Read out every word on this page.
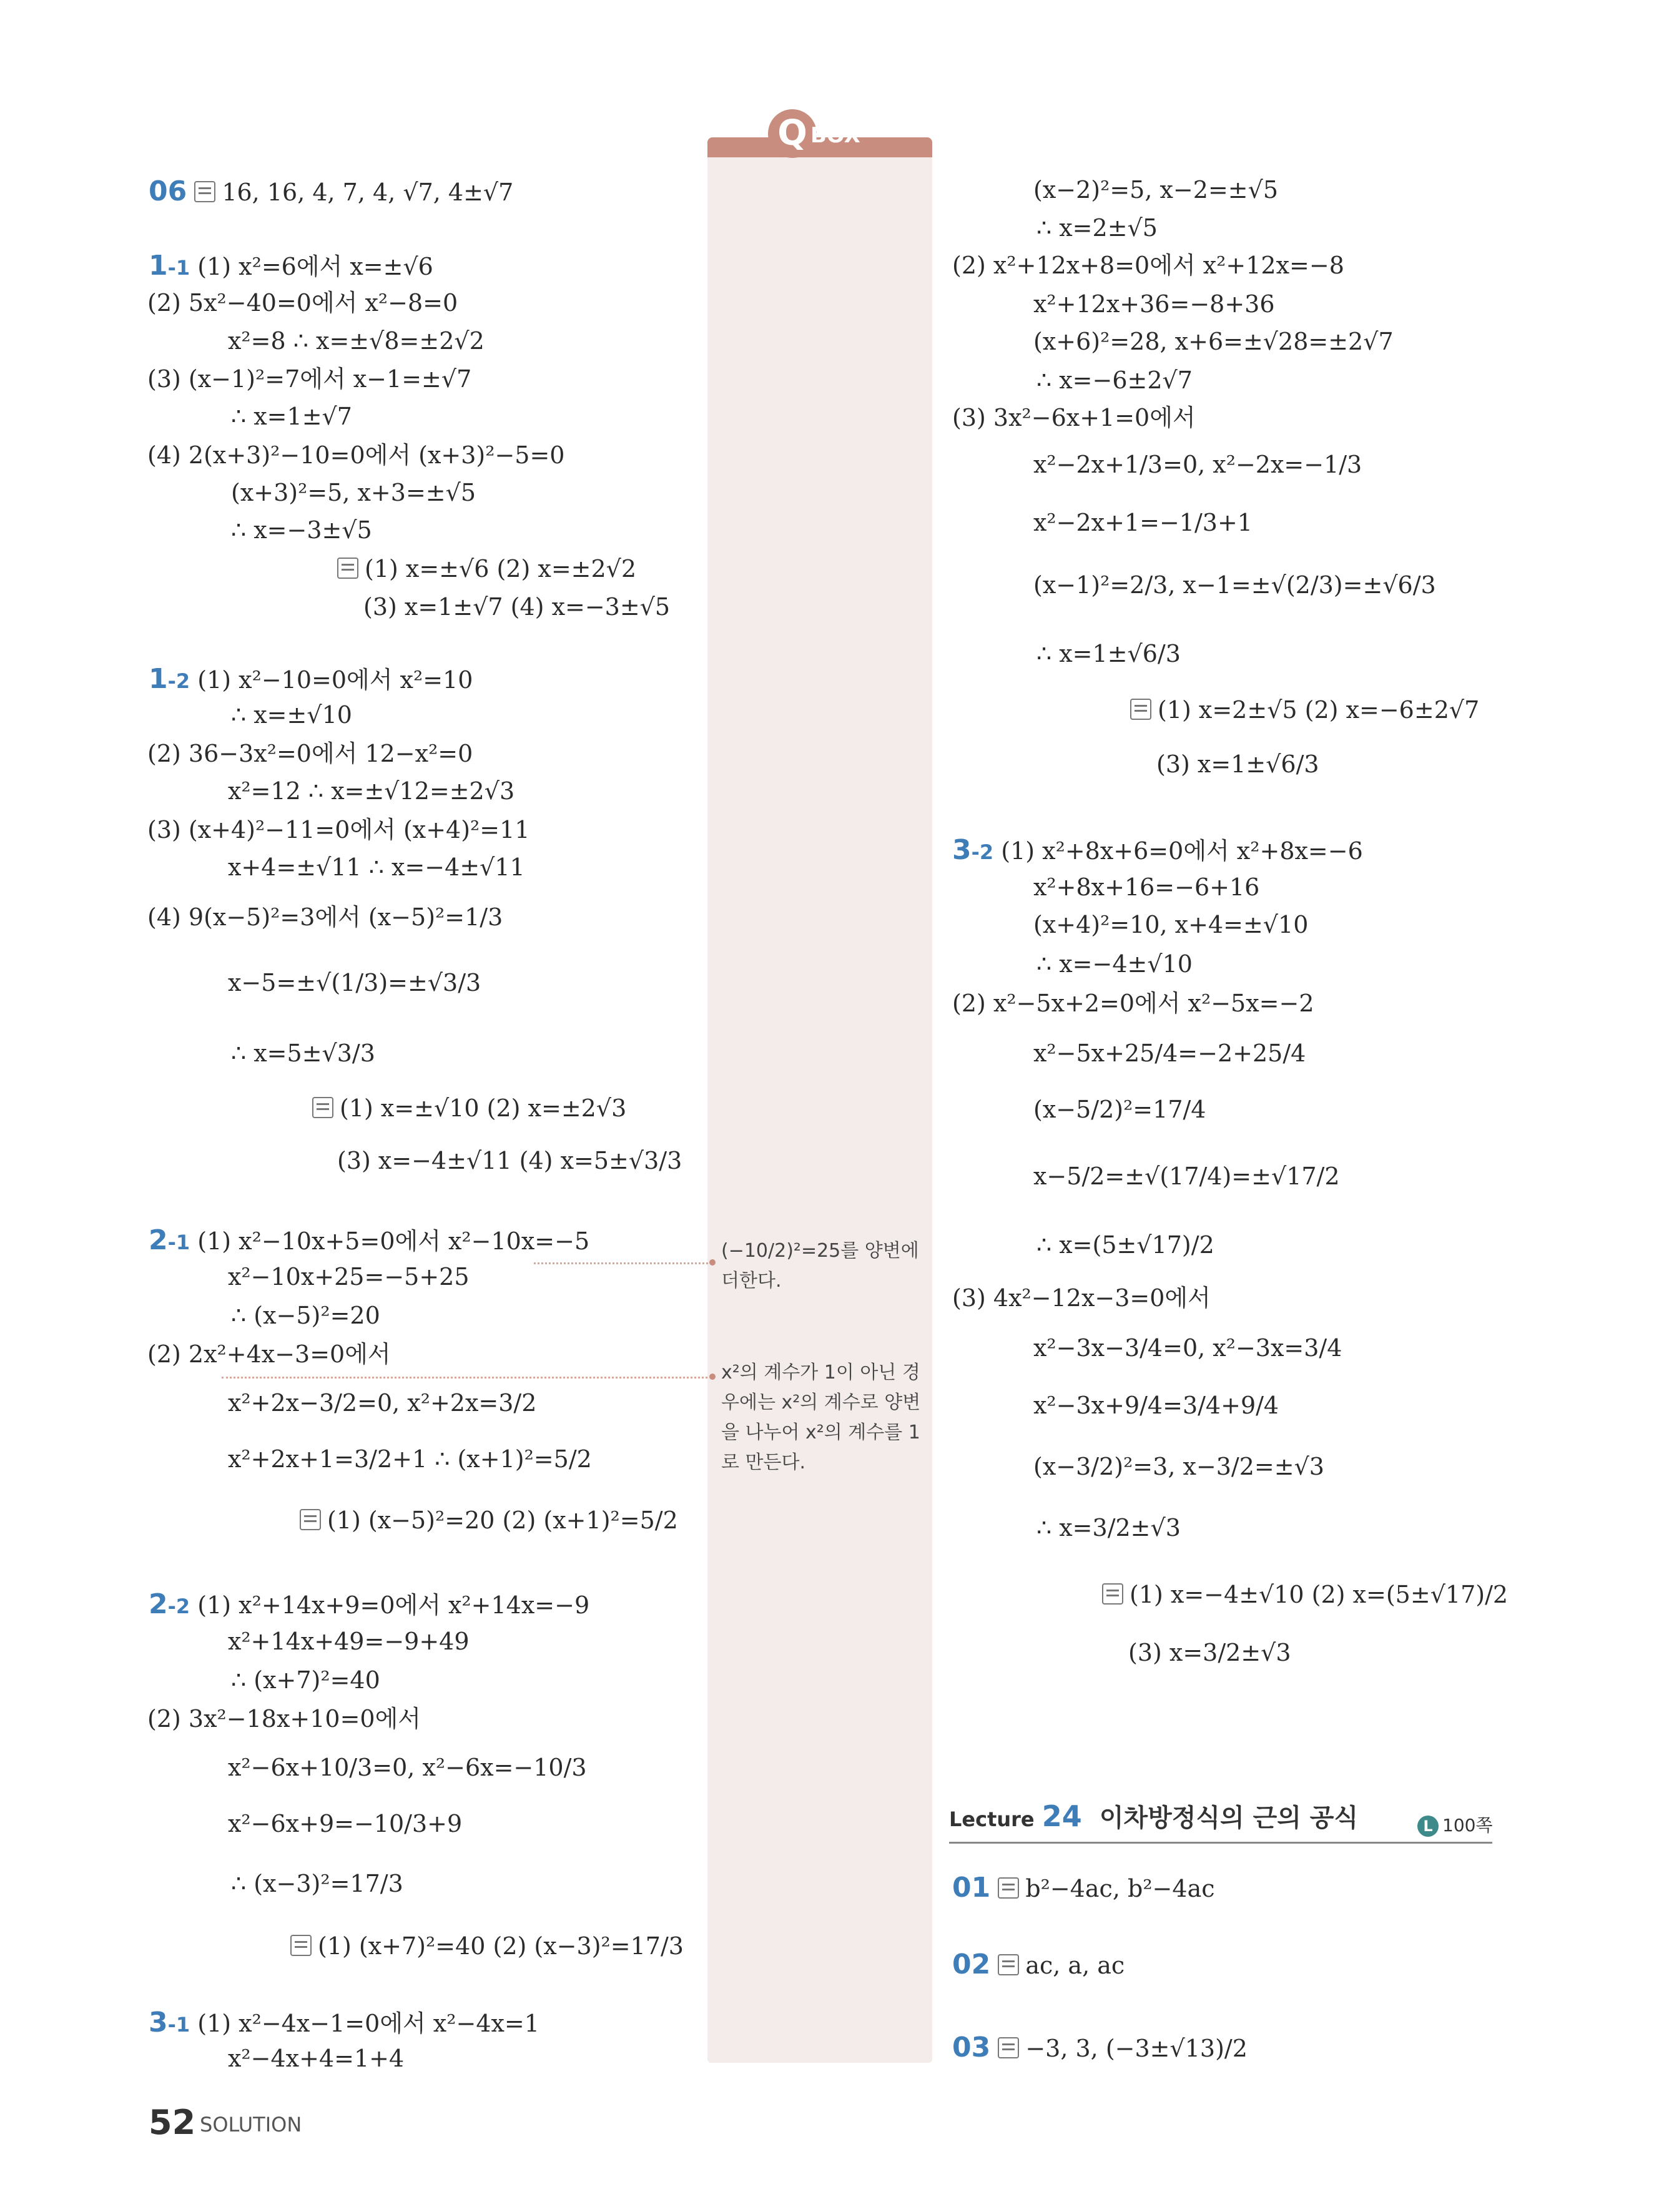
Q BOX
(−10/2)²=25를 양변에 더한다.
x²의 계수가 1이 아닌 경우에는 x²의 계수로 양변을 나누어 x²의 계수를 1로 만든다.
06 16, 16, 4, 7, 4, √7, 4±√7
1-1 (1) x²=6에서 x=±√6
(2) 5x²−40=0에서 x²−8=0
x²=8 ∴ x=±√8=±2√2
(3) (x−1)²=7에서 x−1=±√7
∴ x=1±√7
(4) 2(x+3)²−10=0에서 (x+3)²−5=0
(x+3)²=5, x+3=±√5
∴ x=−3±√5
(1) x=±√6 (2) x=±2√2
(3) x=1±√7 (4) x=−3±√5
1-2 (1) x²−10=0에서 x²=10
∴ x=±√10
(2) 36−3x²=0에서 12−x²=0
x²=12 ∴ x=±√12=±2√3
(3) (x+4)²−11=0에서 (x+4)²=11
x+4=±√11 ∴ x=−4±√11
(4) 9(x−5)²=3에서 (x−5)²=1/3
x−5=±√(1/3)=±√3/3
∴ x=5±√3/3
(1) x=±√10 (2) x=±2√3
(3) x=−4±√11 (4) x=5±√3/3
2-1 (1) x²−10x+5=0에서 x²−10x=−5
x²−10x+25=−5+25
∴ (x−5)²=20
(2) 2x²+4x−3=0에서
x²+2x−3/2=0, x²+2x=3/2
x²+2x+1=3/2+1 ∴ (x+1)²=5/2
(1) (x−5)²=20 (2) (x+1)²=5/2
2-2 (1) x²+14x+9=0에서 x²+14x=−9
x²+14x+49=−9+49
∴ (x+7)²=40
(2) 3x²−18x+10=0에서
x²−6x+10/3=0, x²−6x=−10/3
x²−6x+9=−10/3+9
∴ (x−3)²=17/3
(1) (x+7)²=40 (2) (x−3)²=17/3
3-1 (1) x²−4x−1=0에서 x²−4x=1
x²−4x+4=1+4
(x−2)²=5, x−2=±√5
∴ x=2±√5
(2) x²+12x+8=0에서 x²+12x=−8
x²+12x+36=−8+36
(x+6)²=28, x+6=±√28=±2√7
∴ x=−6±2√7
(3) 3x²−6x+1=0에서
x²−2x+1/3=0, x²−2x=−1/3
x²−2x+1=−1/3+1
(x−1)²=2/3, x−1=±√(2/3)=±√6/3
∴ x=1±√6/3
(1) x=2±√5 (2) x=−6±2√7
(3) x=1±√6/3
3-2 (1) x²+8x+6=0에서 x²+8x=−6
x²+8x+16=−6+16
(x+4)²=10, x+4=±√10
∴ x=−4±√10
(2) x²−5x+2=0에서 x²−5x=−2
x²−5x+25/4=−2+25/4
(x−5/2)²=17/4
x−5/2=±√(17/4)=±√17/2
∴ x=(5±√17)/2
(3) 4x²−12x−3=0에서
x²−3x−3/4=0, x²−3x=3/4
x²−3x+9/4=3/4+9/4
(x−3/2)²=3, x−3/2=±√3
∴ x=3/2±√3
(1) x=−4±√10 (2) x=(5±√17)/2
(3) x=3/2±√3
01 b²−4ac, b²−4ac
02 ac, a, ac
03 −3, 3, (−3±√13)/2
Lecture 24 이차방정식의 근의 공식	L 100쪽
52 SOLUTION
